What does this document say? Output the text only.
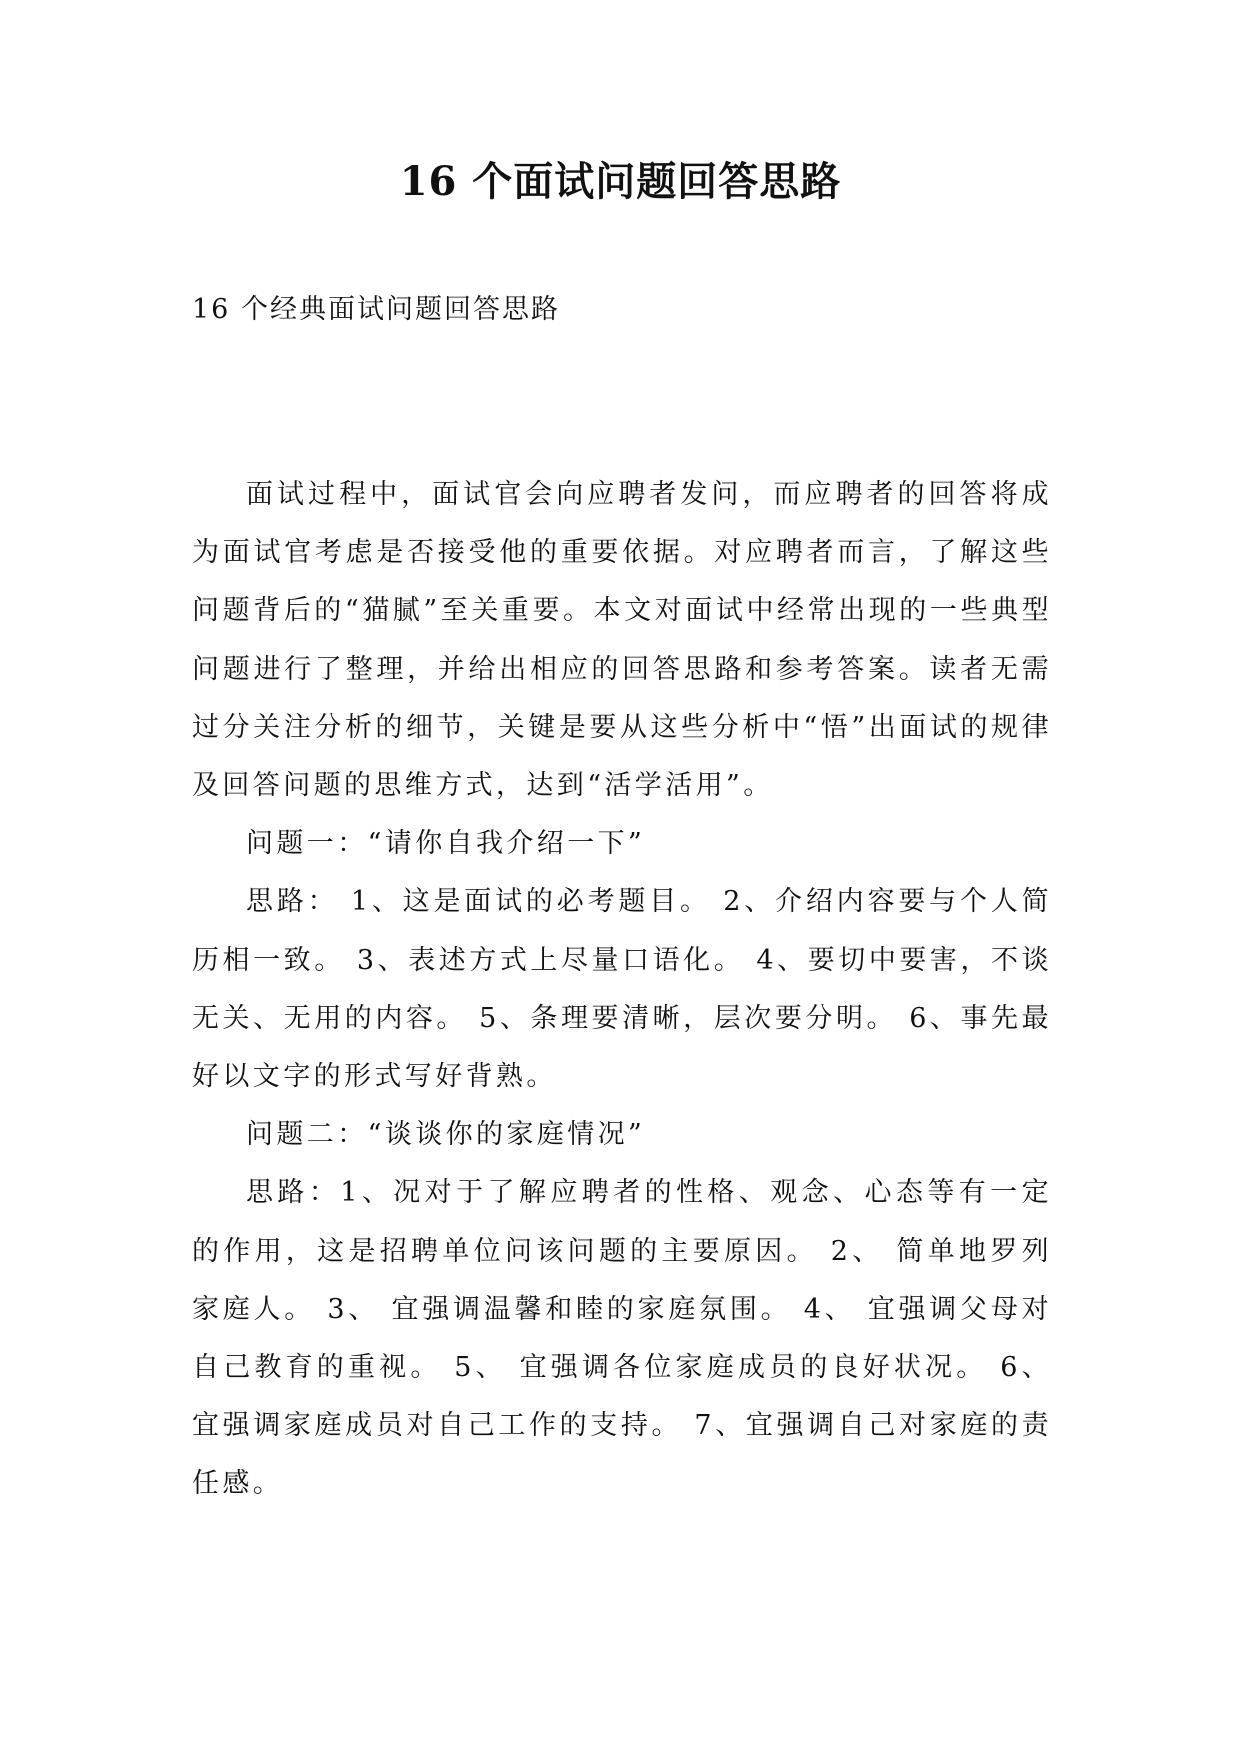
16 个面试问题回答思路
16 个经典面试问题回答思路

面试过程中，面试官会向应聘者发问，而应聘者的回答将成为面试官考虑是否接受他的重要依据。对应聘者而言，了解这些问题背后的“猫腻”至关重要。本文对面试中经常出现的一些典型问题进行了整理，并给出相应的回答思路和参考答案。读者无需过分关注分析的细节，关键是要从这些分析中“悟”出面试的规律及回答问题的思维方式，达到“活学活用”。

问题一：“请你自我介绍一下”

思路： 1、这是面试的必考题目。 2、介绍内容要与个人简历相一致。 3、表述方式上尽量口语化。 4、要切中要害，不谈无关、无用的内容。 5、条理要清晰，层次要分明。 6、事先最好以文字的形式写好背熟。

问题二：“谈谈你的家庭情况”

思路：1、况对于了解应聘者的性格、观念、心态等有一定的作用，这是招聘单位问该问题的主要原因。 2、 简单地罗列家庭人。 3、 宜强调温馨和睦的家庭氛围。 4、 宜强调父母对自己教育的重视。 5、 宜强调各位家庭成员的良好状况。 6、宜强调家庭成员对自己工作的支持。 7、宜强调自己对家庭的责任感。
